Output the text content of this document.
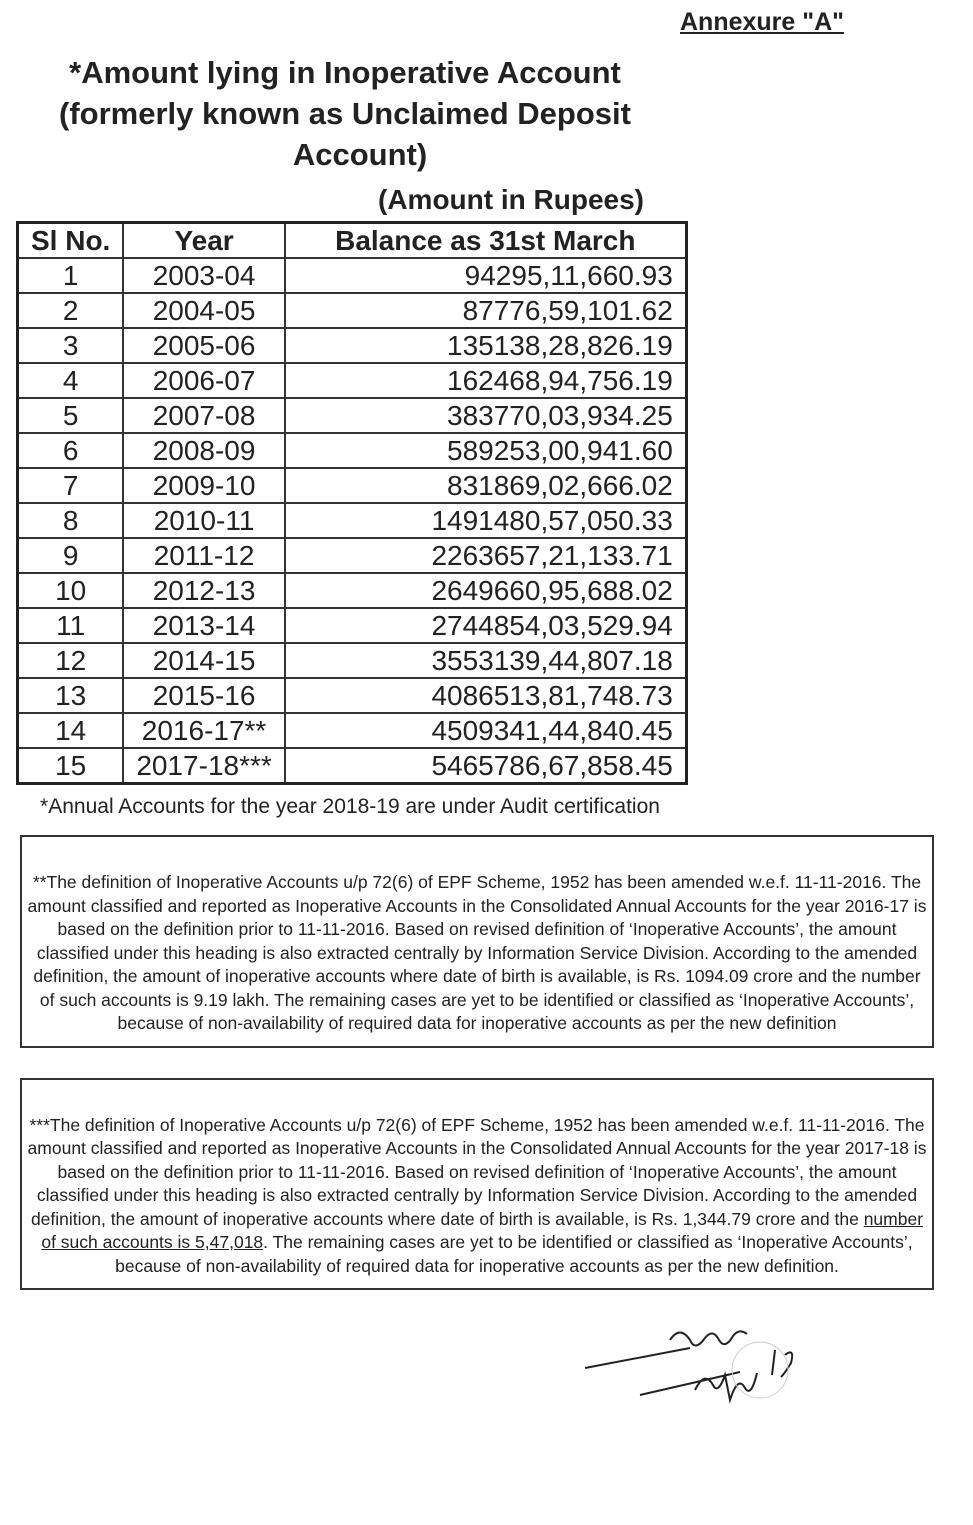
Annexure "A"
*Amount lying in Inoperative Account
(formerly known as Unclaimed Deposit
Account)
(Amount in Rupees)
Sl No.	Year	Balance as 31st March
1	2003-04	94295,11,660.93
2	2004-05	87776,59,101.62
3	2005-06	135138,28,826.19
4	2006-07	162468,94,756.19
5	2007-08	383770,03,934.25
6	2008-09	589253,00,941.60
7	2009-10	831869,02,666.02
8	2010-11	1491480,57,050.33
9	2011-12	2263657,21,133.71
10	2012-13	2649660,95,688.02
11	2013-14	2744854,03,529.94
12	2014-15	3553139,44,807.18
13	2015-16	4086513,81,748.73
14	2016-17**	4509341,44,840.45
15	2017-18***	5465786,67,858.45
*Annual Accounts for the year 2018-19 are under Audit certification
**The definition of Inoperative Accounts u/p 72(6) of EPF Scheme, 1952 has been amended w.e.f. 11-11-2016. The amount classified and reported as Inoperative Accounts in the Consolidated Annual Accounts for the year 2016-17 is based on the definition prior to 11-11-2016. Based on revised definition of ‘Inoperative Accounts’, the amount classified under this heading is also extracted centrally by Information Service Division. According to the amended definition, the amount of inoperative accounts where date of birth is available, is Rs. 1094.09 crore and the number of such accounts is 9.19 lakh. The remaining cases are yet to be identified or classified as ‘Inoperative Accounts’, because of non-availability of required data for inoperative accounts as per the new definition
***The definition of Inoperative Accounts u/p 72(6) of EPF Scheme, 1952 has been amended w.e.f. 11-11-2016. The amount classified and reported as Inoperative Accounts in the Consolidated Annual Accounts for the year 2017-18 is based on the definition prior to 11-11-2016. Based on revised definition of ‘Inoperative Accounts’, the amount classified under this heading is also extracted centrally by Information Service Division. According to the amended definition, the amount of inoperative accounts where date of birth is available, is Rs. 1,344.79 crore and the number of such accounts is 5,47,018. The remaining cases are yet to be identified or classified as ‘Inoperative Accounts’, because of non-availability of required data for inoperative accounts as per the new definition.
